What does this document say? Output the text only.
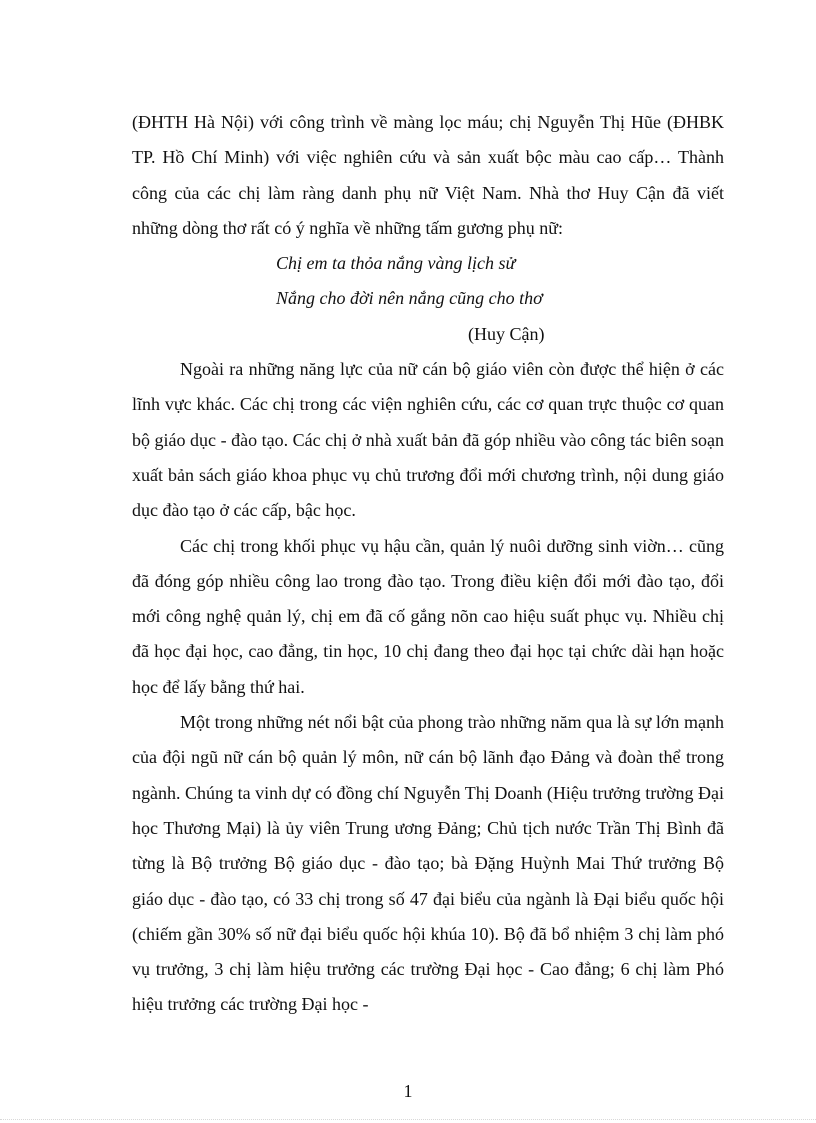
(ĐHTH Hà Nội) với công trình về màng lọc máu; chị Nguyễn Thị Hũe (ĐHBK TP. Hồ Chí Minh) với việc nghiên cứu và sản xuất bộc màu cao cấp… Thành công của các chị làm ràng danh phụ nữ Việt Nam. Nhà thơ Huy Cận đã viết những dòng thơ rất có ý nghĩa về những tấm gương phụ nữ:

Chị em ta thỏa nắng vàng lịch sử
Nắng cho đời nên nắng cũng cho thơ
(Huy Cận)

Ngoài ra những năng lực của nữ cán bộ giáo viên còn được thể hiện ở các lĩnh vực khác. Các chị trong các viện nghiên cứu, các cơ quan trực thuộc cơ quan bộ giáo dục - đào tạo. Các chị ở nhà xuất bản đã góp nhiều vào công tác biên soạn xuất bản sách giáo khoa phục vụ chủ trương đổi mới chương trình, nội dung giáo dục đào tạo ở các cấp, bậc học.

Các chị trong khối phục vụ hậu cần, quản lý nuôi dưỡng sinh viờn… cũng đã đóng góp nhiều công lao trong đào tạo. Trong điều kiện đổi mới đào tạo, đổi mới công nghệ quản lý, chị em đã cố gắng nõn cao hiệu suất phục vụ. Nhiều chị đã học đại học, cao đẳng, tin học, 10 chị đang theo đại học tại chức dài hạn hoặc học để lấy bằng thứ hai.

Một trong những nét nổi bật của phong trào những năm qua là sự lớn mạnh của đội ngũ nữ cán bộ quản lý môn, nữ cán bộ lãnh đạo Đảng và đoàn thể trong ngành. Chúng ta vinh dự có đồng chí Nguyễn Thị Doanh (Hiệu trưởng trường Đại học Thương Mại) là ủy viên Trung ương Đảng; Chủ tịch nước Trần Thị Bình đã từng là Bộ trưởng Bộ giáo dục - đào tạo; bà Đặng Huỳnh Mai Thứ trưởng Bộ giáo dục - đào tạo, có 33 chị trong số 47 đại biểu của ngành là Đại biểu quốc hội (chiếm gần 30% số nữ đại biểu quốc hội khúa 10). Bộ đã bổ nhiệm 3 chị làm phó vụ trưởng, 3 chị làm hiệu trưởng các trường Đại học - Cao đẳng; 6 chị làm Phó hiệu trưởng các trường Đại học -

1
